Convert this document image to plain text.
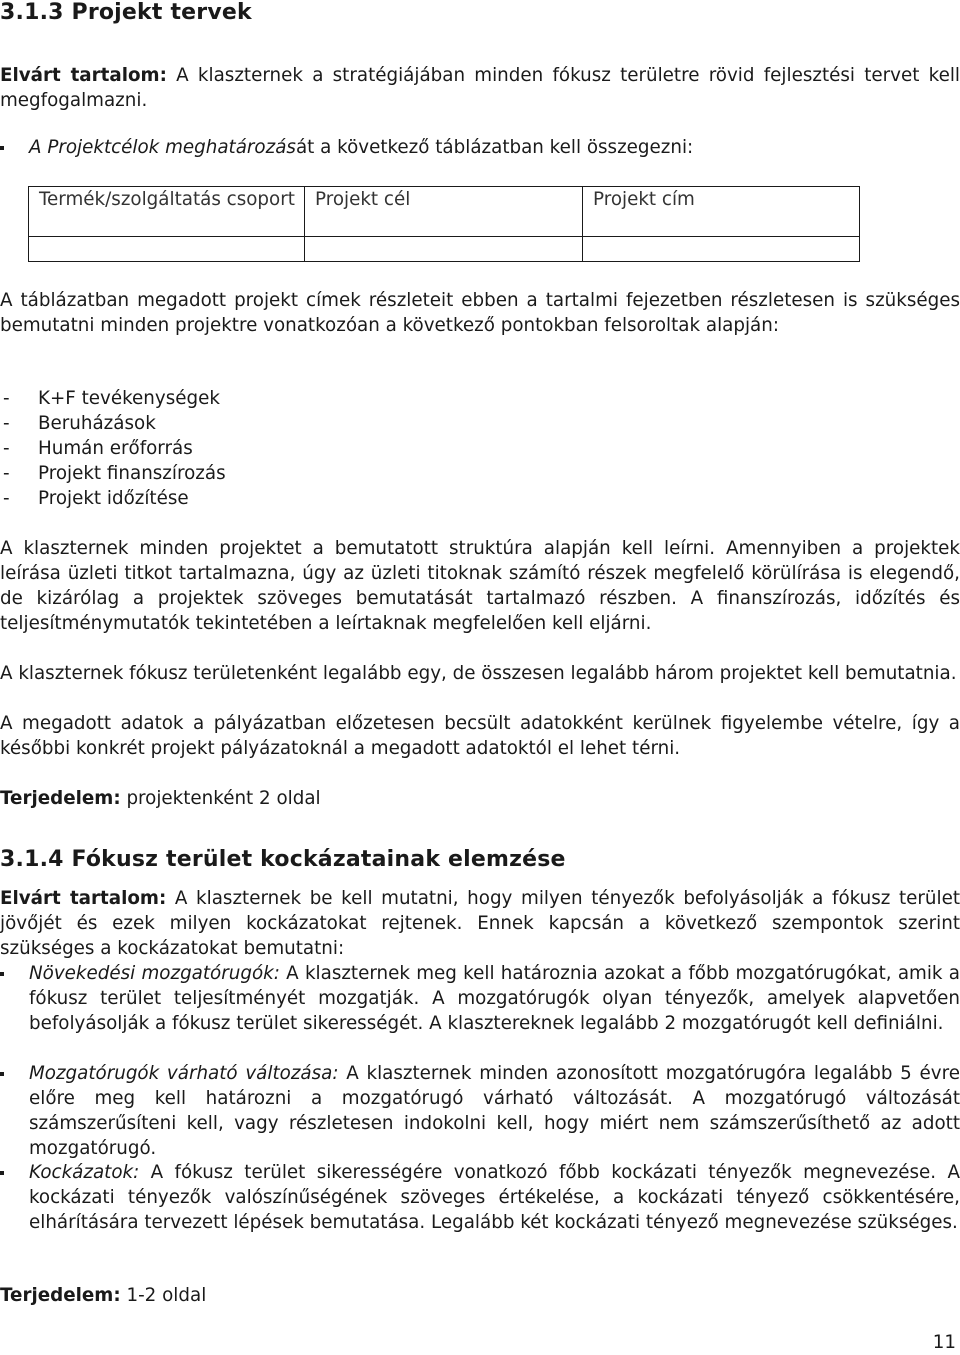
3.1.3 Projekt tervek

Elvárt tartalom: A klaszternek a stratégiájában minden fókusz területre rövid fejlesztési tervet kell megfogalmazni.

A Projektcélok meghatározását a következő táblázatban kell összegezni:
Termék/szolgáltatás csoport	Projekt cél	Projekt cím

A táblázatban megadott projekt címek részleteit ebben a tartalmi fejezetben részletesen is szükséges bemutatni minden projektre vonatkozóan a következő pontokban felsoroltak alapján:

- K+F tevékenységek
- Beruházások
- Humán erőforrás
- Projekt finanszírozás
- Projekt időzítése

A klaszternek minden projektet a bemutatott struktúra alapján kell leírni. Amennyiben a projektek leírása üzleti titkot tartalmazna, úgy az üzleti titoknak számító részek megfelelő körülírása is elegendő, de kizárólag a projektek szöveges bemutatását tartalmazó részben. A finanszírozás, időzítés és teljesítménymutatók tekintetében a leírtaknak megfelelően kell eljárni.

A klaszternek fókusz területenként legalább egy, de összesen legalább három projektet kell bemutatnia.

A megadott adatok a pályázatban előzetesen becsült adatokként kerülnek figyelembe vételre, így a későbbi konkrét projekt pályázatoknál a megadott adatoktól el lehet térni.

Terjedelem: projektenként 2 oldal

3.1.4 Fókusz terület kockázatainak elemzése

Elvárt tartalom: A klaszternek be kell mutatni, hogy milyen tényezők befolyásolják a fókusz terület jövőjét és ezek milyen kockázatokat rejtenek. Ennek kapcsán a következő szempontok szerint szükséges a kockázatokat bemutatni:

Növekedési mozgatórugók: A klaszternek meg kell határoznia azokat a főbb mozgatórugókat, amik a fókusz terület teljesítményét mozgatják. A mozgatórugók olyan tényezők, amelyek alapvetően befolyásolják a fókusz terület sikerességét. A klasztereknek legalább 2 mozgatórugót kell definiálni.
Mozgatórugók várható változása: A klaszternek minden azonosított mozgatórugóra legalább 5 évre előre meg kell határozni a mozgatórugó várható változását. A mozgatórugó változását számszerűsíteni kell, vagy részletesen indokolni kell, hogy miért nem számszerűsíthető az adott mozgatórugó.
Kockázatok: A fókusz terület sikerességére vonatkozó főbb kockázati tényezők megnevezése. A kockázati tényezők valószínűségének szöveges értékelése, a kockázati tényező csökkentésére, elhárítására tervezett lépések bemutatása. Legalább két kockázati tényező megnevezése szükséges.

Terjedelem: 1-2 oldal

11
